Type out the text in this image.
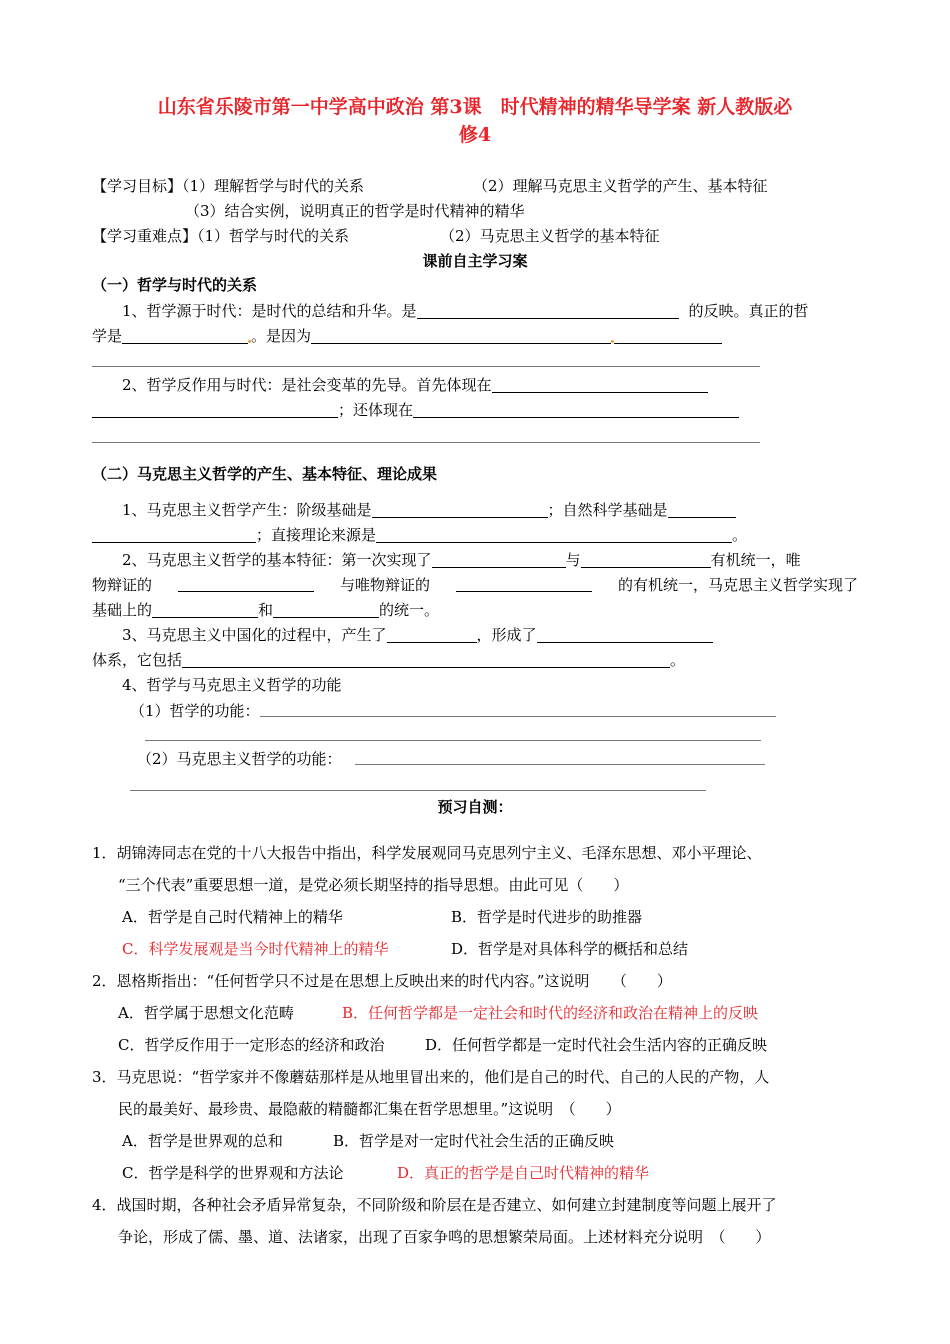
山东省乐陵市第一中学高中政治 第3课　时代精神的精华导学案 新人教版必
修4
【学习目标】（1）理解哲学与时代的关系	（2）理解马克思主义哲学的产生、基本特征
（3）结合实例，说明真正的哲学是时代精神的精华
【学习重难点】（1）哲学与时代的关系	（2）马克思主义哲学的基本特征
课前自主学习案
（一）哲学与时代的关系
1、哲学源于时代：是时代的总结和升华。是	的反映。真正的哲
学是	。是因为
2、哲学反作用与时代：是社会变革的先导。首先体现在
；还体现在
（二）马克思主义哲学的产生、基本特征、理论成果
1、马克思主义哲学产生：阶级基础是	；自然科学基础是
；直接理论来源是	。
2、马克思主义哲学的基本特征：第一次实现了	与	有机统一，唯
物辩证的	与唯物辩证的	的有机统一，马克思主义哲学实现了
基础上的	和	的统一。
3、马克思主义中国化的过程中，产生了	，形成了
体系，它包括	。
4、哲学与马克思主义哲学的功能
（1）哲学的功能：
（2）马克思主义哲学的功能：
预习自测：
1．胡锦涛同志在党的十八大报告中指出，科学发展观同马克思列宁主义、毛泽东思想、邓小平理论、
“三个代表”重要思想一道，是党必须长期坚持的指导思想。由此可见（　　）
A．哲学是自己时代精神上的精华	B．哲学是时代进步的助推器
C．科学发展观是当今时代精神上的精华	D．哲学是对具体科学的概括和总结
2．恩格斯指出：“任何哲学只不过是在思想上反映出来的时代内容。”这说明　　（　　）
A．哲学属于思想文化范畴	B．任何哲学都是一定社会和时代的经济和政治在精神上的反映
C．哲学反作用于一定形态的经济和政治	D．任何哲学都是一定时代社会生活内容的正确反映
3．马克思说：“哲学家并不像蘑菇那样是从地里冒出来的，他们是自己的时代、自己的人民的产物，人
民的最美好、最珍贵、最隐蔽的精髓都汇集在哲学思想里。”这说明　（　　）
A．哲学是世界观的总和	B．哲学是对一定时代社会生活的正确反映
C．哲学是科学的世界观和方法论	D．真正的哲学是自己时代精神的精华
4．战国时期，各种社会矛盾异常复杂，不同阶级和阶层在是否建立、如何建立封建制度等问题上展开了
争论，形成了儒、墨、道、法诸家，出现了百家争鸣的思想繁荣局面。上述材料充分说明　（　　）
